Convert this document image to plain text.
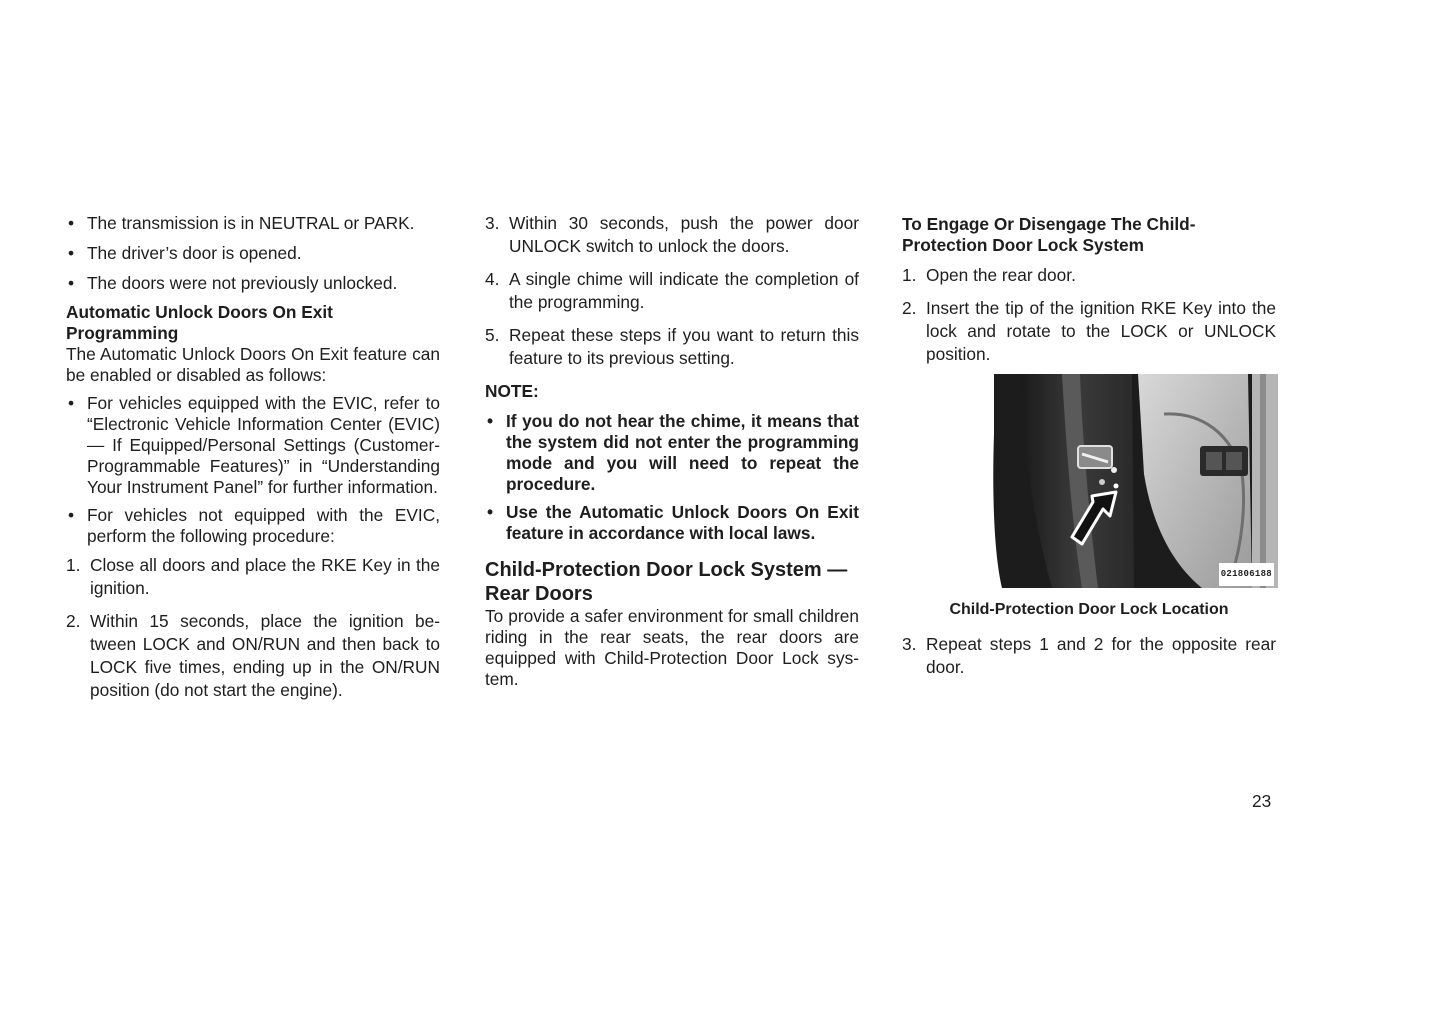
• The transmission is in NEUTRAL or PARK.
• The driver’s door is opened.
• The doors were not previously unlocked.

Automatic Unlock Doors On Exit Programming

The Automatic Unlock Doors On Exit feature can be enabled or disabled as follows:

• For vehicles equipped with the EVIC, refer to “Electronic Vehicle Information Center (EVIC) — If Equipped/Personal Settings (Customer-Programmable Features)” in “Understanding Your Instrument Panel” for further information.
• For vehicles not equipped with the EVIC, perform the following procedure:
1. Close all doors and place the RKE Key in the ignition.
2. Within 15 seconds, place the ignition between LOCK and ON/RUN and then back to LOCK five times, ending up in the ON/RUN position (do not start the engine).
3. Within 30 seconds, push the power door UNLOCK switch to unlock the doors.
4. A single chime will indicate the completion of the programming.
5. Repeat these steps if you want to return this feature to its previous setting.

NOTE:

• If you do not hear the chime, it means that the system did not enter the programming mode and you will need to repeat the procedure.
• Use the Automatic Unlock Doors On Exit feature in accordance with local laws.

Child-Protection Door Lock System — Rear Doors

To provide a safer environment for small children riding in the rear seats, the rear doors are equipped with Child-Protection Door Lock system.

To Engage Or Disengage The Child-Protection Door Lock System

1. Open the rear door.
2. Insert the tip of the ignition RKE Key into the lock and rotate to the LOCK or UNLOCK position.
021806188

Child-Protection Door Lock Location

3. Repeat steps 1 and 2 for the opposite rear door.
23
